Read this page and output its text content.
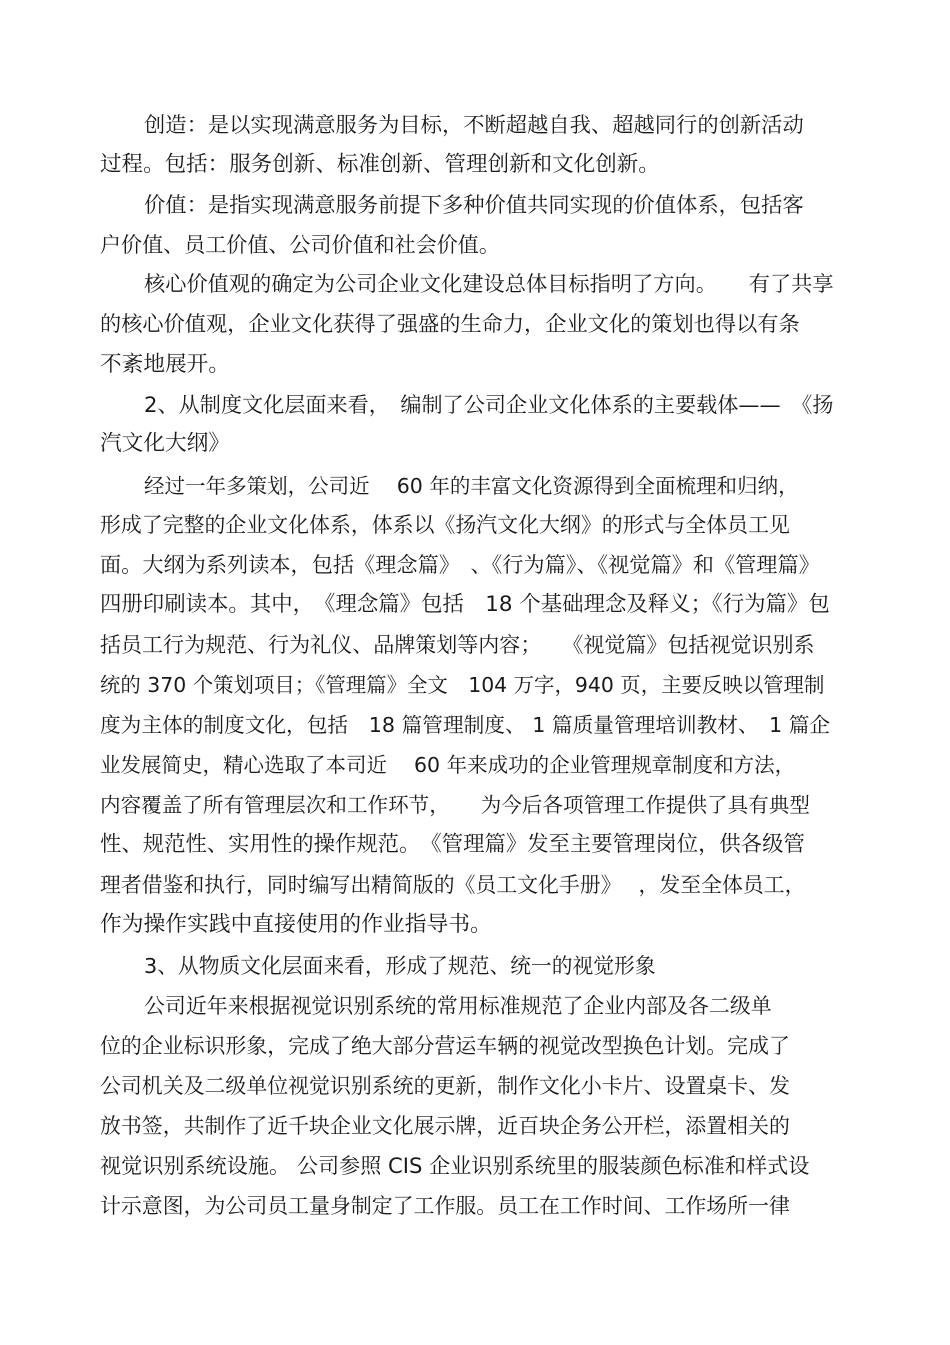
创造：是以实现满意服务为目标，不断超越自我、超越同行的创新活动
过程。包括：服务创新、标准创新、管理创新和文化创新。
价值：是指实现满意服务前提下多种价值共同实现的价值体系，包括客
户价值、员工价值、公司价值和社会价值。
核心价值观的确定为公司企业文化建设总体目标指明了方向。　　有了共享
的核心价值观，企业文化获得了强盛的生命力，企业文化的策划也得以有条
不紊地展开。
2、从制度文化层面来看，　编制了公司企业文化体系的主要载体——　《扬
汽文化大纲》
经过一年多策划，公司近　 60 年的丰富文化资源得到全面梳理和归纳，
形成了完整的企业文化体系，体系以《扬汽文化大纲》的形式与全体员工见
面。大纲为系列读本，包括《理念篇》　、《行为篇》、《视觉篇》和《管理篇》
四册印刷读本。其中，　《理念篇》包括　18 个基础理念及释义；《行为篇》包
括员工行为规范、行为礼仪、品牌策划等内容；　　《视觉篇》包括视觉识别系
统的 370 个策划项目；《管理篇》全文　104 万字，940 页，主要反映以管理制
度为主体的制度文化，包括　18 篇管理制度、 1 篇质量管理培训教材、　1 篇企
业发展简史，精心选取了本司近　 60 年来成功的企业管理规章制度和方法，
内容覆盖了所有管理层次和工作环节，　　为今后各项管理工作提供了具有典型
性、规范性、实用性的操作规范。　《管理篇》发至主要管理岗位，供各级管
理者借鉴和执行，同时编写出精简版的《员工文化手册》　 ，发至全体员工，
作为操作实践中直接使用的作业指导书。
3、从物质文化层面来看，形成了规范、统一的视觉形象
公司近年来根据视觉识别系统的常用标准规范了企业内部及各二级单
位的企业标识形象，完成了绝大部分营运车辆的视觉改型换色计划。完成了
公司机关及二级单位视觉识别系统的更新，制作文化小卡片、设置桌卡、发
放书签，共制作了近千块企业文化展示牌，近百块企务公开栏，添置相关的
视觉识别系统设施。 公司参照 CIS 企业识别系统里的服装颜色标准和样式设
计示意图，为公司员工量身制定了工作服。员工在工作时间、工作场所一律
